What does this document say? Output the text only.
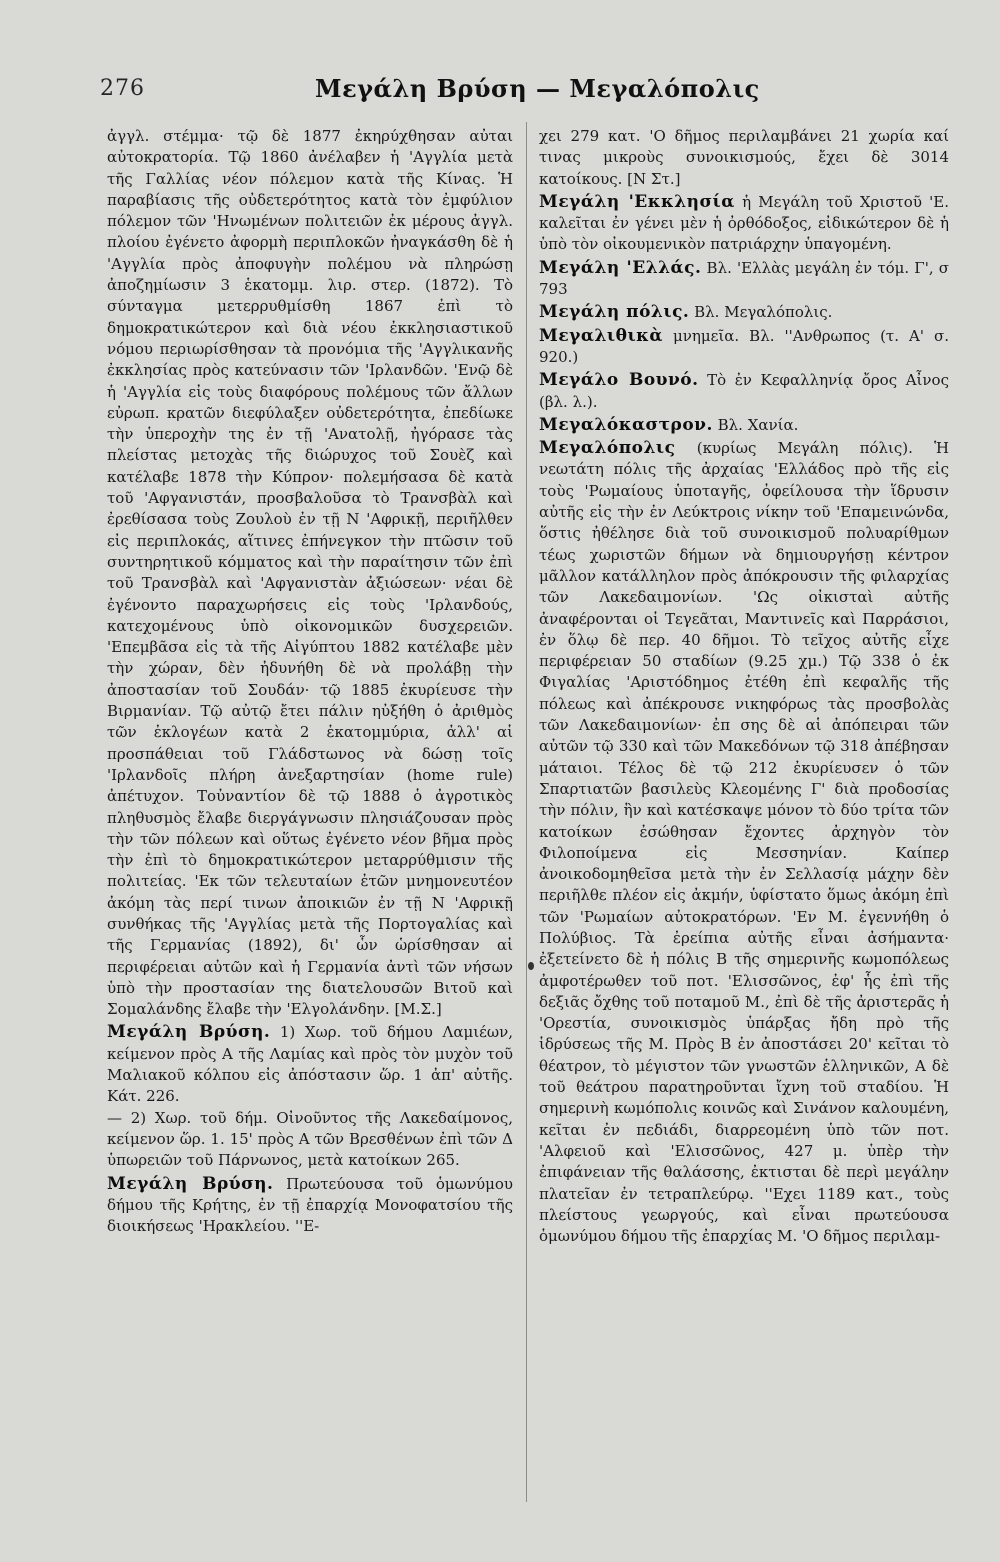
276	Μεγάλη Βρύση — Μεγαλόπολις

ἀγγλ. στέμμα· τῷ δὲ 1877 ἐκηρύχθησαν αὐται αὐτοκρατορία. Τῷ 1860 ἀνέλαβεν ἡ 'Αγγλία μετὰ τῆς Γαλλίας νέον πόλεμον κατὰ τῆς Κίνας. Ἡ παραβίασις τῆς οὐδετερότητος κατὰ τὸν ἐμφύλιον πόλεμον τῶν 'Ηνωμένων πολιτειῶν ἐκ μέρους ἀγγλ. πλοίου ἐγένετο ἀφορμὴ περιπλοκῶν ἠναγκάσθη δὲ ἡ 'Αγγλία πρὸς ἀποφυγὴν πολέμου νὰ πληρώσῃ ἀποζημίωσιν 3 ἑκατομμ. λιρ. στερ. (1872). Τὸ σύνταγμα μετερρυθμίσθη 1867 ἐπὶ τὸ δημοκρατικώτερον καὶ διὰ νέου ἐκκλησιαστικοῦ νόμου περιωρίσθησαν τὰ προνόμια τῆς 'Αγγλικανῆς ἐκκλησίας πρὸς κατεύνασιν τῶν 'Ιρλανδῶν. 'Ενῷ δὲ ἡ 'Αγγλία εἰς τοὺς διαφόρους πολέμους τῶν ἄλλων εὐρωπ. κρατῶν διεφύλαξεν οὐδετερότητα, ἐπεδίωκε τὴν ὑπεροχὴν της ἐν τῇ 'Ανατολῇ, ἠγόρασε τὰς πλείστας μετοχὰς τῆς διώρυχος τοῦ Σουὲζ καὶ κατέλαβε 1878 τὴν Κύπρον· πολεμήσασα δὲ κατὰ τοῦ 'Αφγανιστάν, προσβαλοῦσα τὸ Τρανσβὰλ καὶ ἐρεθίσασα τοὺς Ζουλοὺ ἐν τῇ Ν 'Αφρικῇ, περιῆλθεν εἰς περιπλοκάς, αἵτινες ἐπήνεγκον τὴν πτῶσιν τοῦ συντηρητικοῦ κόμματος καὶ τὴν παραίτησιν τῶν ἐπὶ τοῦ Τρανσβὰλ καὶ 'Αφγανιστὰν ἀξιώσεων· νέαι δὲ ἐγένοντο παραχωρήσεις εἰς τοὺς 'Ιρλανδούς, κατεχομένους ὑπὸ οἰκονομικῶν δυσχερειῶν. 'Επεμβᾶσα εἰς τὰ τῆς Αἰγύπτου 1882 κατέλαβε μὲν τὴν χώραν, δὲν ἠδυνήθη δὲ νὰ προλάβῃ τὴν ἀποστασίαν τοῦ Σουδάν· τῷ 1885 ἐκυρίευσε τὴν Βιρμανίαν. Τῷ αὐτῷ ἔτει πάλιν ηὐξήθη ὁ ἀριθμὸς τῶν ἐκλογέων κατὰ 2 ἑκατομμύρια, ἀλλ' αἱ προσπάθειαι τοῦ Γλάδστωνος νὰ δώσῃ τοῖς 'Ιρλανδοῖς πλήρη ἀνεξαρτησίαν (home rule) ἀπέτυχον. Τοὐναντίον δὲ τῷ 1888 ὁ ἀγροτικὸς πληθυσμὸς ἔλαβε διεργάγνωσιν πλησιάζουσαν πρὸς τὴν τῶν πόλεων καὶ οὕτως ἐγένετο νέον βῆμα πρὸς τὴν ἐπὶ τὸ δημοκρατικώτερον μεταρρύθμισιν τῆς πολιτείας. 'Εκ τῶν τελευταίων ἐτῶν μνημονευτέον ἀκόμη τὰς περί τινων ἀποικιῶν ἐν τῇ Ν 'Αφρικῇ συνθήκας τῆς 'Αγγλίας μετὰ τῆς Πορτογαλίας καὶ τῆς Γερμανίας (1892), δι' ὧν ὡρίσθησαν αἱ περιφέρειαι αὐτῶν καὶ ἡ Γερμανία ἀντὶ τῶν νήσων ὑπὸ τὴν προστασίαν της διατελουσῶν Βιτοῦ καὶ Σομαλάνδης ἔλαβε τὴν 'Ελγολάνδην. [Μ.Σ.]

Μεγάλη Βρύση. 1) Χωρ. τοῦ δήμου Λαμιέων, κείμενον πρὸς Α τῆς Λαμίας καὶ πρὸς τὸν μυχὸν τοῦ Μαλιακοῦ κόλπου εἰς ἀπόστασιν ὥρ. 1 ἀπ' αὐτῆς. Κάτ. 226.

— 2) Χωρ. τοῦ δήμ. Οἰνοῦντος τῆς Λακεδαίμονος, κείμενον ὥρ. 1. 15' πρὸς Α τῶν Βρεσθένων ἐπὶ τῶν Δ ὑπωρειῶν τοῦ Πάρνωνος, μετὰ κατοίκων 265.

Μεγάλη Βρύση. Πρωτεύουσα τοῦ ὁμωνύμου δήμου τῆς Κρήτης, ἐν τῇ ἐπαρχίᾳ Μονοφατσίου τῆς διοικήσεως 'Ηρακλείου. ''Ε-

χει 279 κατ. 'Ο δῆμος περιλαμβάνει 21 χωρία καί τινας μικροὺς συνοικισμούς, ἔχει δὲ 3014 κατοίκους. [Ν Στ.]

Μεγάλη 'Εκκλησία ἡ Μεγάλη τοῦ Χριστοῦ 'Ε. καλεῖται ἐν γένει μὲν ἡ ὀρθόδοξος, εἰδικώτερον δὲ ἡ ὑπὸ τὸν οἰκουμενικὸν πατριάρχην ὑπαγομένη.

Μεγάλη 'Ελλάς. Βλ. 'Ελλὰς μεγάλη ἐν τόμ. Γ', σ 793

Μεγάλη πόλις. Βλ. Μεγαλόπολις.

Μεγαλιθικὰ μνημεῖα. Βλ. ''Ανθρωπος (τ. Α' σ. 920.)

Μεγάλο Βουνό. Τὸ ἐν Κεφαλληνίᾳ ὄρος Αἶνος (βλ. λ.).

Μεγαλόκαστρον. Βλ. Χανία.

Μεγαλόπολις (κυρίως Μεγάλη πόλις). Ἡ νεωτάτη πόλις τῆς ἀρχαίας 'Ελλάδος πρὸ τῆς εἰς τοὺς 'Ρωμαίους ὑποταγῆς, ὀφείλουσα τὴν ἵδρυσιν αὐτῆς εἰς τὴν ἐν Λεύκτροις νίκην τοῦ 'Επαμεινώνδα, ὅστις ἠθέλησε διὰ τοῦ συνοικισμοῦ πολυαρίθμων τέως χωριστῶν δήμων νὰ δημιουργήσῃ κέντρον μᾶλλον κατάλληλον πρὸς ἀπόκρουσιν τῆς φιλαρχίας τῶν Λακεδαιμονίων. 'Ως οἰκισταὶ αὐτῆς ἀναφέρονται οἱ Τεγεᾶται, Μαντινεῖς καὶ Παρράσιοι, ἐν ὅλῳ δὲ περ. 40 δῆμοι. Τὸ τεῖχος αὐτῆς εἶχε περιφέρειαν 50 σταδίων (9.25 χμ.) Τῷ 338 ὁ ἐκ Φιγαλίας 'Αριστόδημος ἐτέθη ἐπὶ κεφαλῆς τῆς πόλεως καὶ ἀπέκρουσε νικηφόρως τὰς προσβολὰς τῶν Λακεδαιμονίων· ἐπ σης δὲ αἱ ἀπόπειραι τῶν αὐτῶν τῷ 330 καὶ τῶν Μακεδόνων τῷ 318 ἀπέβησαν μάταιοι. Τέλος δὲ τῷ 212 ἐκυρίευσεν ὁ τῶν Σπαρτιατῶν βασιλεὺς Κλεομένης Γ' διὰ προδοσίας τὴν πόλιν, ἣν καὶ κατέσκαψε μόνον τὸ δύο τρίτα τῶν κατοίκων ἐσώθησαν ἔχοντες ἀρχηγὸν τὸν Φιλοποίμενα εἰς Μεσσηνίαν. Καίπερ ἀνοικοδομηθεῖσα μετὰ τὴν ἐν Σελλασίᾳ μάχην δὲν περιῆλθε πλέον εἰς ἀκμήν, ὑφίστατο ὅμως ἀκόμη ἐπὶ τῶν 'Ρωμαίων αὐτοκρατόρων. 'Εν Μ. ἐγεννήθη ὁ Πολύβιος. Τὰ ἐρείπια αὐτῆς εἶναι ἀσήμαντα· ἐξετείνετο δὲ ἡ πόλις Β τῆς σημερινῆς κωμοπόλεως ἀμφοτέρωθεν τοῦ ποτ. 'Ελισσῶνος, ἐφ' ἧς ἐπὶ τῆς δεξιᾶς ὄχθης τοῦ ποταμοῦ Μ., ἐπὶ δὲ τῆς ἀριστερᾶς ἡ 'Ορεστία, συνοικισμὸς ὑπάρξας ἤδη πρὸ τῆς ἱδρύσεως τῆς Μ. Πρὸς Β ἐν ἀποστάσει 20' κεῖται τὸ θέατρον, τὸ μέγιστον τῶν γνωστῶν ἑλληνικῶν, Α δὲ τοῦ θεάτρου παρατηροῦνται ἴχνη τοῦ σταδίου. Ἡ σημερινὴ κωμόπολις κοινῶς καὶ Σινάνον καλουμένη, κεῖται ἐν πεδιάδι, διαρρεομένη ὑπὸ τῶν ποτ. 'Αλφειοῦ καὶ 'Ελισσῶνος, 427 μ. ὑπὲρ τὴν ἐπιφάνειαν τῆς θαλάσσης, ἐκτισται δὲ περὶ μεγάλην πλατεῖαν ἐν τετραπλεύρῳ. ''Εχει 1189 κατ., τοὺς πλείστους γεωργούς, καὶ εἶναι πρωτεύουσα ὁμωνύμου δήμου τῆς ἐπαρχίας Μ. 'Ο δῆμος περιλαμ-
